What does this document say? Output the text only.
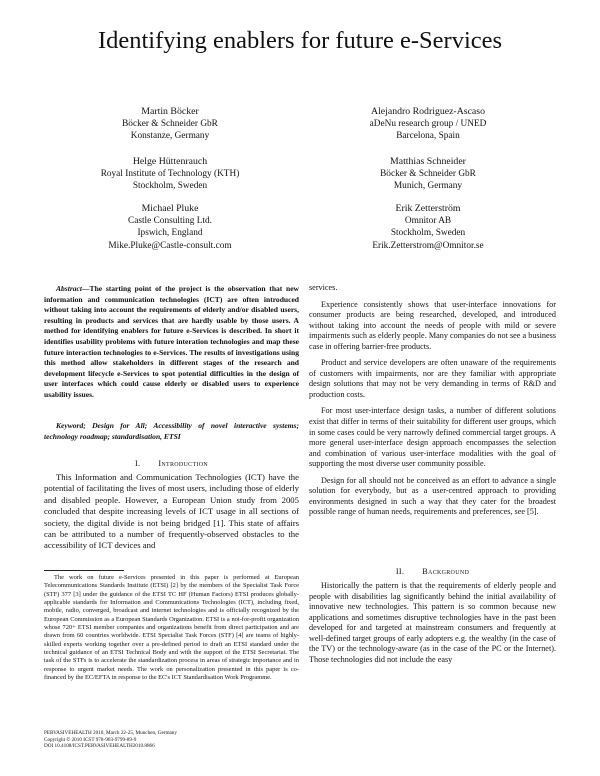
Identifying enablers for future e-Services
Martin Böcker
Böcker & Schneider GbR
Konstanze, Germany
Alejandro Rodriguez-Ascaso
aDeNu research group / UNED
Barcelona, Spain
Helge Hüttenrauch
Royal Institute of Technology (KTH)
Stockholm, Sweden
Matthias Schneider
Böcker & Schneider GbR
Munich, Germany
Michael Pluke
Castle Consulting Ltd.
Ipswich, England
Mike.Pluke@Castle-consult.com
Erik Zetterström
Omnitor AB
Stockholm, Sweden
Erik.Zetterstrom@Omnitor.se
Abstract—The starting point of the project is the observation that new information and communication technologies (ICT) are often introduced without taking into account the requirements of elderly and/or disabled users, resulting in products and services that are hardly usable by those users. A method for identifying enablers for future e-Services is described. In short it identifies usability problems with future interation technologies and map these future interaction technologies to e-Services. The results of investigations using this method allow stakeholders in different stages of the research and development lifecycle e-Services to spot potential difficulties in the design of user interfaces which could cause elderly or disabled users to experience usability issues.
Keyword; Design for All; Accessibility of novel interactive systems; technology roadmap; standardisation, ETSI
I. Introduction

This Information and Communication Technologies (ICT) have the potential of facilitating the lives of most users, including those of elderly and disabled people. However, a European Union study from 2005 concluded that despite increasing levels of ICT usage in all sections of society, the digital divide is not being bridged [1]. This state of affairs can be attributed to a number of frequently-observed obstacles to the accessibility of ICT devices and

The work on future e-Services presented in this paper is performed at European Telecommunications Standards Institute (ETSI) [2] by the members of the Specialist Task Force (STF) 377 [3] under the guidance of the ETSI TC HF (Human Factors) ETSI produces globally-applicable standards for Information and Communications Technologies (ICT), including fixed, mobile, radio, converged, broadcast and internet technologies and is officially recognized by the European Commission as a European Standards Organization. ETSI is a not-for-profit organization whose 720+ ETSI member companies and organizations benefit from direct participation and are drawn from 60 countries worldwide. ETSI Specialist Task Forces (STF) [4] are teams of highly-skilled experts working together over a pre-defined period to draft an ETSI standard under the technical guidance of an ETSI Technical Body and with the support of the ETSI Secretariat. The task of the STFs is to accelerate the standardization process in areas of strategic importance and in response to urgent market needs. The work on personalization presented in this paper is co-financed by the EC/EFTA in response to the EC's ICT Standardisation Work Programme.
PERVASIVEHEALTH 2010, March 22-25, Munchen, Germany
Copyright © 2010 ICST 978-963-9799-89-9
DOI 10.4108/ICST.PERVASIVEHEALTH2010.8866

services.

Experience consistently shows that user-interface innovations for consumer products are being researched, developed, and introduced without taking into account the needs of people with mild or severe impairments such as elderly people. Many companies do not see a business case in offering barrier-free products.

Product and service developers are often unaware of the requirements of customers with impairments, nor are they familiar with appropriate design solutions that may not be very demanding in terms of R&D and production costs.

For most user-interface design tasks, a number of different solutions exist that differ in terms of their suitability for different user groups, which in some cases could be very narrowly defined commercial target groups. A more general user-interface design approach encompasses the selection and combination of various user-interface modalities with the goal of supporting the most diverse user community possible.

Design for all should not be conceived as an effort to advance a single solution for everybody, but as a user-centred approach to providing environments designed in such a way that they cater for the broadest possible range of human needs, requirements and preferences, see [5].

II. Background

Historically the pattern is that the requirements of elderly people and people with disabilities lag significantly behind the initial availability of innovative new technologies. This pattern is so common because new applications and sometimes disruptive technologies have in the past been developed for and targeted at mainstream consumers and frequently at well-defined target groups of early adopters e.g. the wealthy (in the case of the TV) or the technology-aware (as in the case of the PC or the Internet). Those technologies did not include the easy
